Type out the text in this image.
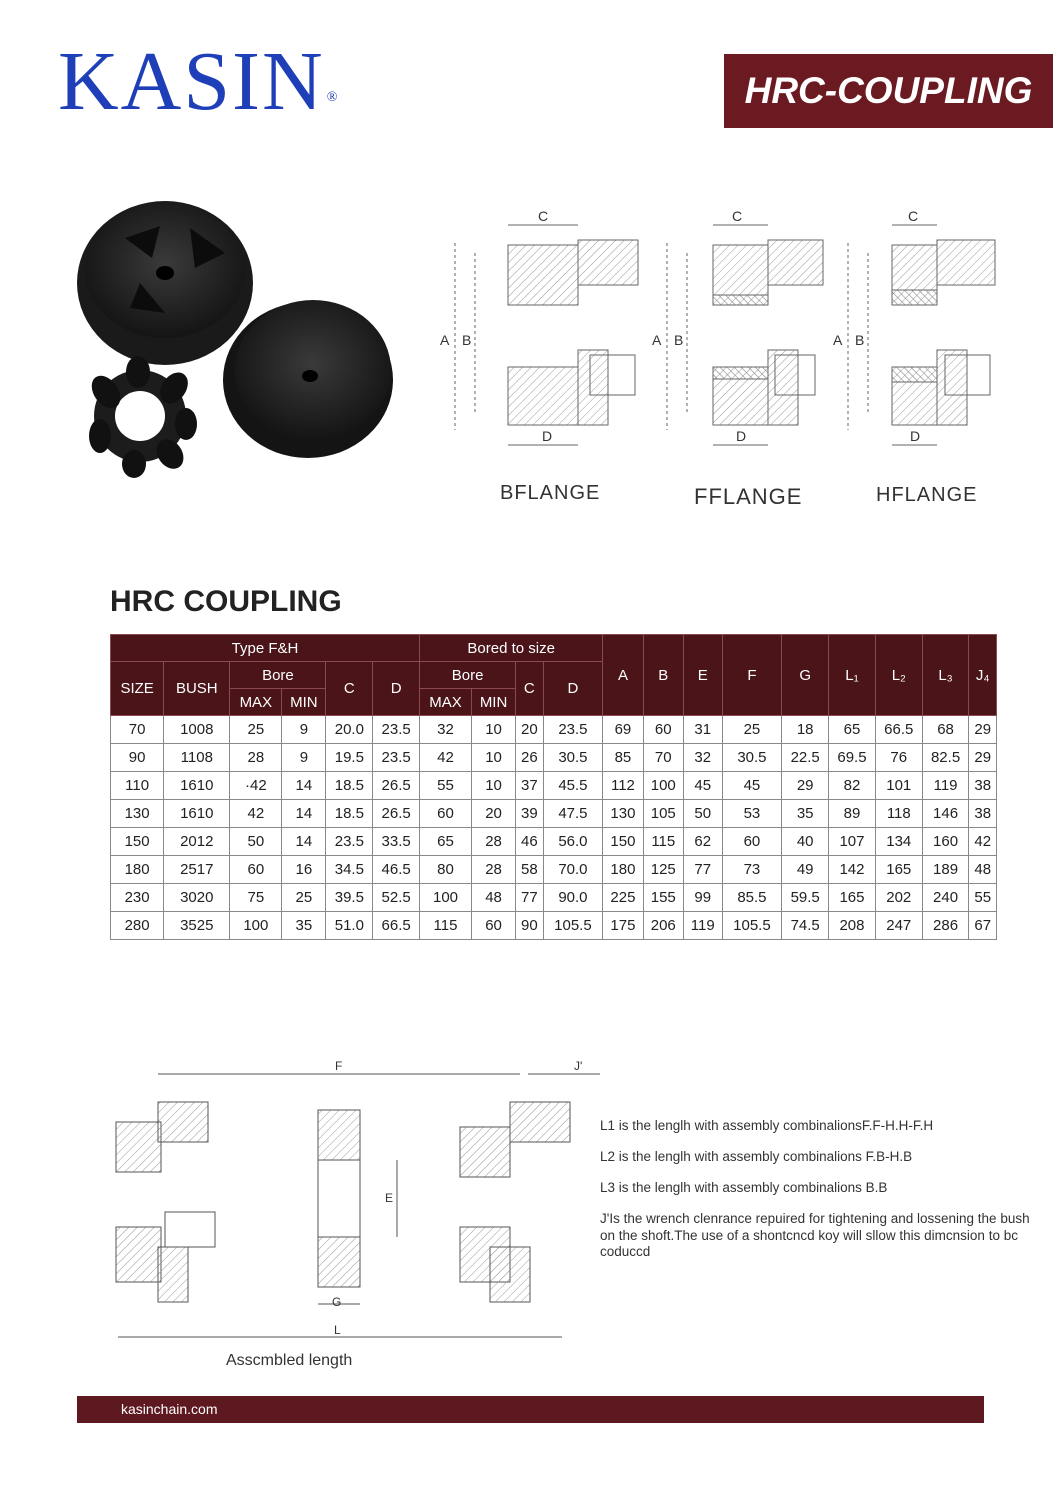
KASIN ®	HRC-COUPLING
C
A B
D
C
A B
D
C
A B
D
BFLANGE	FFLANGE	HFLANGE
HRC COUPLING
Type F&H						Bored to size				A	B	E	F	G	L₁	L₂	L₃	J₄
SIZE	BUSH	Bore		C	D	Bore		C	D									
		MAX	MIN			MAX	MIN											
70	1008	25	9	20.0	23.5	32	10	20	23.5	69	60	31	25	18	65	66.5	68	29
90	1108	28	9	19.5	23.5	42	10	26	30.5	85	70	32	30.5	22.5	69.5	76	82.5	29
110	1610	·42	14	18.5	26.5	55	10	37	45.5	112	100	45	45	29	82	101	119	38
130	1610	42	14	18.5	26.5	60	20	39	47.5	130	105	50	53	35	89	118	146	38
150	2012	50	14	23.5	33.5	65	28	46	56.0	150	115	62	60	40	107	134	160	42
180	2517	60	16	34.5	46.5	80	28	58	70.0	180	125	77	73	49	142	165	189	48
230	3020	75	25	39.5	52.5	100	48	77	90.0	225	155	99	85.5	59.5	165	202	240	55
280	3525	100	35	51.0	66.5	115	60	90	105.5	175	206	119	105.5	74.5	208	247	286	67
F	J'
E
G
L

L1 is the lenglh with assembly combinalionsF.F-H.H-F.H

L2 is the lenglh with assembly combinalions F.B-H.B

L3 is the lenglh with assembly combinalions B.B

J'Is the wrench clenrance repuired for tightening and lossening the bush on the shoft.The use of a shontcncd koy will sllow this dimcnsion to bc coduccd

Asscmbled length
kasinchain.com
